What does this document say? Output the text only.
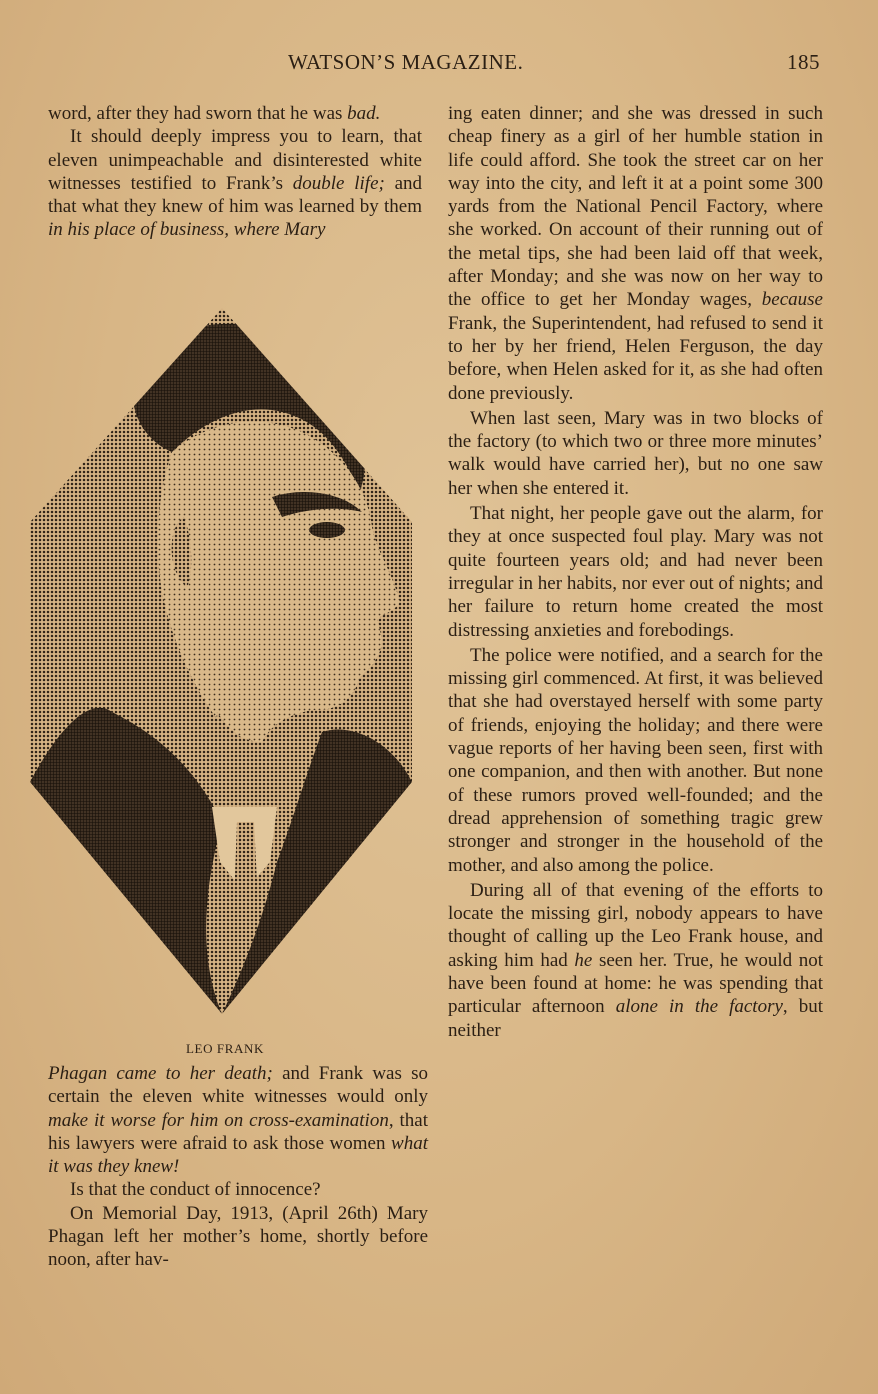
WATSON’S MAGAZINE.	185

word, after they had sworn that he was bad.

It should deeply impress you to learn, that eleven unimpeachable and disinterested white witnesses testified to Frank’s double life; and that what they knew of him was learned by them in his place of business, where Mary

LEO FRANK

Phagan came to her death; and Frank was so certain the eleven white witnesses would only make it worse for him on cross-examination, that his lawyers were afraid to ask those women what it was they knew!

Is that the conduct of innocence?

On Memorial Day, 1913, (April 26th) Mary Phagan left her mother’s home, shortly before noon, after hav-

ing eaten dinner; and she was dressed in such cheap finery as a girl of her humble station in life could afford. She took the street car on her way into the city, and left it at a point some 300 yards from the National Pencil Factory, where she worked. On account of their running out of the metal tips, she had been laid off that week, after Monday; and she was now on her way to the office to get her Monday wages, because Frank, the Superintendent, had refused to send it to her by her friend, Helen Ferguson, the day before, when Helen asked for it, as she had often done previously.

When last seen, Mary was in two blocks of the factory (to which two or three more minutes’ walk would have carried her), but no one saw her when she entered it.

That night, her people gave out the alarm, for they at once suspected foul play. Mary was not quite fourteen years old; and had never been irregular in her habits, nor ever out of nights; and her failure to return home created the most distressing anxieties and forebodings.

The police were notified, and a search for the missing girl commenced. At first, it was believed that she had overstayed herself with some party of friends, enjoying the holiday; and there were vague reports of her having been seen, first with one companion, and then with another. But none of these rumors proved well-founded; and the dread apprehension of something tragic grew stronger and stronger in the household of the mother, and also among the police.

During all of that evening of the efforts to locate the missing girl, nobody appears to have thought of calling up the Leo Frank house, and asking him had he seen her. True, he would not have been found at home: he was spending that particular afternoon alone in the factory, but neither
